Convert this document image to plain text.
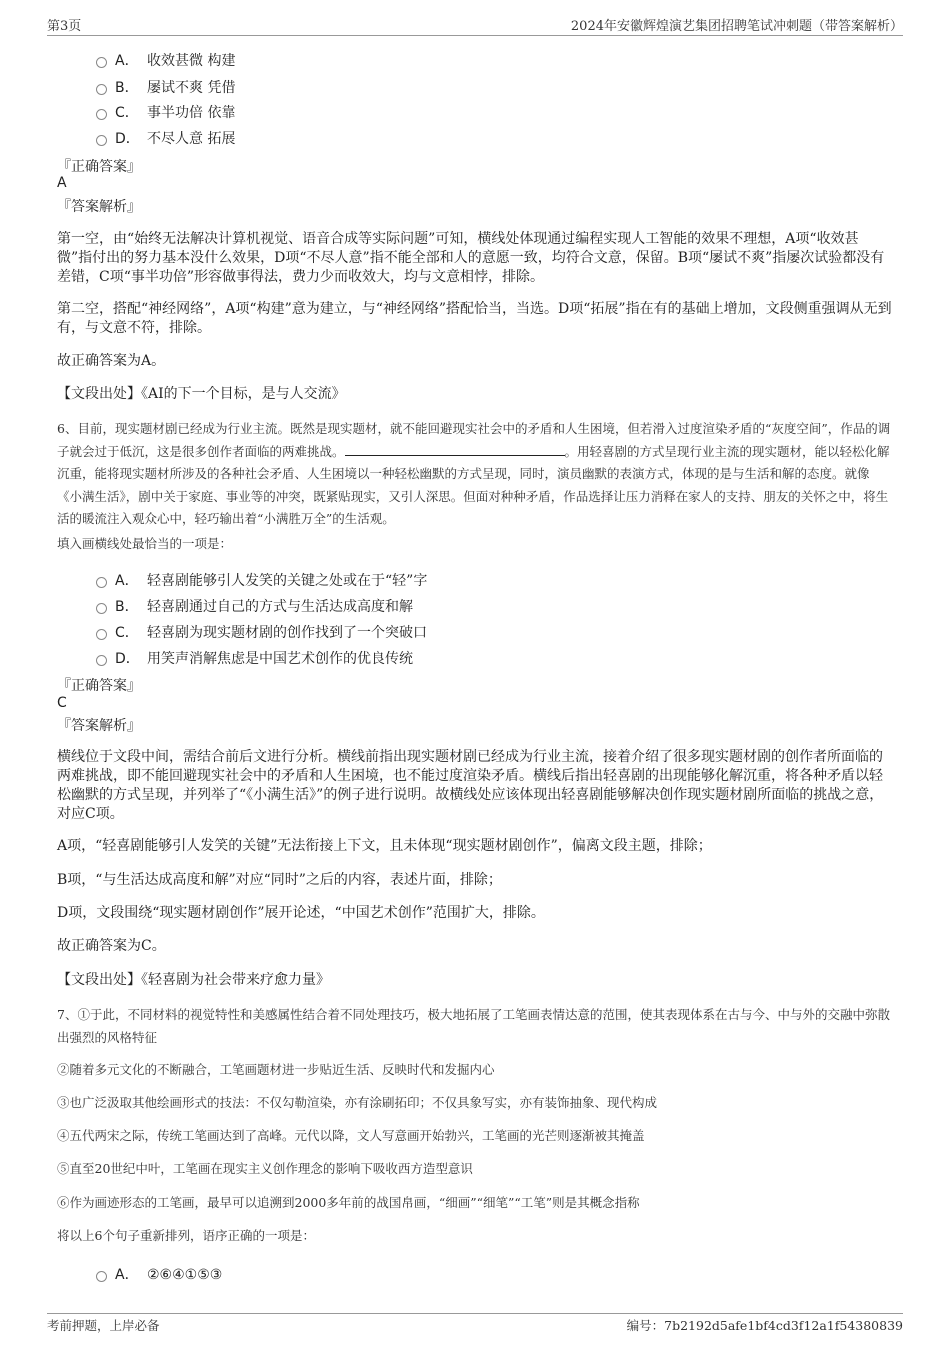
第3页	2024年安徽辉煌演艺集团招聘笔试冲刺题（带答案解析）
A． 收效甚微 构建
B． 屡试不爽 凭借
C． 事半功倍 依靠
D． 不尽人意 拓展
『正确答案』
A
『答案解析』
第一空，由“始终无法解决计算机视觉、语音合成等实际问题”可知，横线处体现通过编程实现人工智能的效果不理想，A项“收效甚微”指付出的努力基本没什么效果，D项“不尽人意”指不能全部和人的意愿一致，均符合文意，保留。B项“屡试不爽”指屡次试验都没有差错，C项“事半功倍”形容做事得法，费力少而收效大，均与文意相悖，排除。
第二空，搭配“神经网络”，A项“构建”意为建立，与“神经网络”搭配恰当，当选。D项“拓展”指在有的基础上增加，文段侧重强调从无到有，与文意不符，排除。
故正确答案为A。
【文段出处】《AI的下一个目标，是与人交流》
6、目前，现实题材剧已经成为行业主流。既然是现实题材，就不能回避现实社会中的矛盾和人生困境，但若滑入过度渲染矛盾的“灰度空间”，作品的调子就会过于低沉，这是很多创作者面临的两难挑战。	。用轻喜剧的方式呈现行业主流的现实题材，能以轻松化解沉重，能将现实题材所涉及的各种社会矛盾、人生困境以一种轻松幽默的方式呈现，同时，演员幽默的表演方式，体现的是与生活和解的态度。就像《小满生活》，剧中关于家庭、事业等的冲突，既紧贴现实，又引人深思。但面对种种矛盾，作品选择让压力消释在家人的支持、朋友的关怀之中，将生活的暖流注入观众心中，轻巧输出着“小满胜万全”的生活观。
填入画横线处最恰当的一项是：
A． 轻喜剧能够引人发笑的关键之处或在于“轻”字
B． 轻喜剧通过自己的方式与生活达成高度和解
C． 轻喜剧为现实题材剧的创作找到了一个突破口
D． 用笑声消解焦虑是中国艺术创作的优良传统
『正确答案』
C
『答案解析』
横线位于文段中间，需结合前后文进行分析。横线前指出现实题材剧已经成为行业主流，接着介绍了很多现实题材剧的创作者所面临的两难挑战，即不能回避现实社会中的矛盾和人生困境，也不能过度渲染矛盾。横线后指出轻喜剧的出现能够化解沉重，将各种矛盾以轻松幽默的方式呈现，并列举了“《小满生活》”的例子进行说明。故横线处应该体现出轻喜剧能够解决创作现实题材剧所面临的挑战之意，对应C项。
A项，“轻喜剧能够引人发笑的关键”无法衔接上下文，且未体现“现实题材剧创作”，偏离文段主题，排除；
B项，“与生活达成高度和解”对应“同时”之后的内容，表述片面，排除；
D项，文段围绕“现实题材剧创作”展开论述，“中国艺术创作”范围扩大，排除。
故正确答案为C。
【文段出处】《轻喜剧为社会带来疗愈力量》
7、①于此，不同材料的视觉特性和美感属性结合着不同处理技巧，极大地拓展了工笔画表情达意的范围，使其表现体系在古与今、中与外的交融中弥散出强烈的风格特征
②随着多元文化的不断融合，工笔画题材进一步贴近生活、反映时代和发掘内心
③也广泛汲取其他绘画形式的技法：不仅勾勒渲染，亦有涂刷拓印；不仅具象写实，亦有装饰抽象、现代构成
④五代两宋之际，传统工笔画达到了高峰。元代以降，文人写意画开始勃兴，工笔画的光芒则逐渐被其掩盖
⑤直至20世纪中叶，工笔画在现实主义创作理念的影响下吸收西方造型意识
⑥作为画迹形态的工笔画，最早可以追溯到2000多年前的战国帛画，“细画”“细笔”“工笔”则是其概念指称
将以上6个句子重新排列，语序正确的一项是：
A． ②⑥④①⑤③
考前押题，上岸必备	编号：7b2192d5afe1bf4cd3f12a1f54380839
